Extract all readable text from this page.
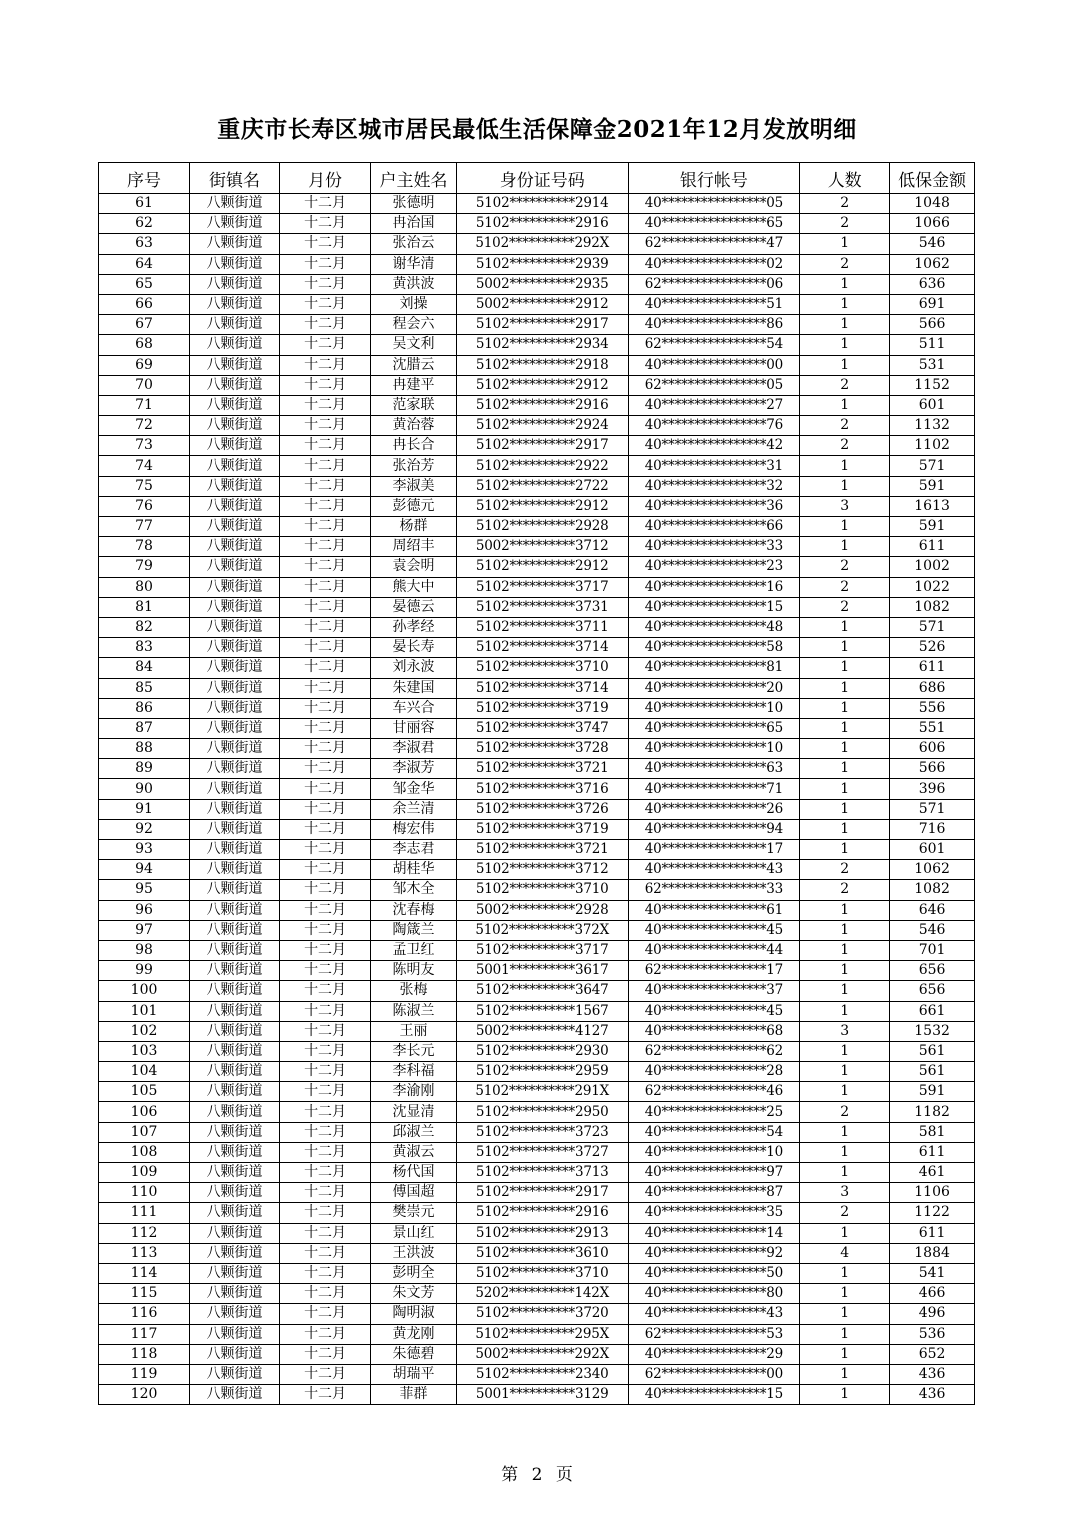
重庆市长寿区城市居民最低生活保障金2021年12月发放明细
序号	街镇名	月份	户主姓名	身份证号码	银行帐号	人数	低保金额
61	八颗街道	十二月	张德明	5102**********2914	40****************05	2	1048
62	八颗街道	十二月	冉治国	5102**********2916	40****************65	2	1066
63	八颗街道	十二月	张治云	5102**********292X	62****************47	1	546
64	八颗街道	十二月	谢华清	5102**********2939	40****************02	2	1062
65	八颗街道	十二月	黄洪波	5002**********2935	62****************06	1	636
66	八颗街道	十二月	刘操	5002**********2912	40****************51	1	691
67	八颗街道	十二月	程会六	5102**********2917	40****************86	1	566
68	八颗街道	十二月	吴文利	5102**********2934	62****************54	1	511
69	八颗街道	十二月	沈腊云	5102**********2918	40****************00	1	531
70	八颗街道	十二月	冉建平	5102**********2912	62****************05	2	1152
71	八颗街道	十二月	范家联	5102**********2916	40****************27	1	601
72	八颗街道	十二月	黄治蓉	5102**********2924	40****************76	2	1132
73	八颗街道	十二月	冉长合	5102**********2917	40****************42	2	1102
74	八颗街道	十二月	张治芳	5102**********2922	40****************31	1	571
75	八颗街道	十二月	李淑美	5102**********2722	40****************32	1	591
76	八颗街道	十二月	彭德元	5102**********2912	40****************36	3	1613
77	八颗街道	十二月	杨群	5102**********2928	40****************66	1	591
78	八颗街道	十二月	周绍丰	5002**********3712	40****************33	1	611
79	八颗街道	十二月	袁会明	5102**********2912	40****************23	2	1002
80	八颗街道	十二月	熊大中	5102**********3717	40****************16	2	1022
81	八颗街道	十二月	晏德云	5102**********3731	40****************15	2	1082
82	八颗街道	十二月	孙孝经	5102**********3711	40****************48	1	571
83	八颗街道	十二月	晏长寿	5102**********3714	40****************58	1	526
84	八颗街道	十二月	刘永波	5102**********3710	40****************81	1	611
85	八颗街道	十二月	朱建国	5102**********3714	40****************20	1	686
86	八颗街道	十二月	车兴合	5102**********3719	40****************10	1	556
87	八颗街道	十二月	甘丽容	5102**********3747	40****************65	1	551
88	八颗街道	十二月	李淑君	5102**********3728	40****************10	1	606
89	八颗街道	十二月	李淑芳	5102**********3721	40****************63	1	566
90	八颗街道	十二月	邹金华	5102**********3716	40****************71	1	396
91	八颗街道	十二月	余兰清	5102**********3726	40****************26	1	571
92	八颗街道	十二月	梅宏伟	5102**********3719	40****************94	1	716
93	八颗街道	十二月	李志君	5102**********3721	40****************17	1	601
94	八颗街道	十二月	胡桂华	5102**********3712	40****************43	2	1062
95	八颗街道	十二月	邹木全	5102**********3710	62****************33	2	1082
96	八颗街道	十二月	沈春梅	5002**********2928	40****************61	1	646
97	八颗街道	十二月	陶箴兰	5102**********372X	40****************45	1	546
98	八颗街道	十二月	孟卫红	5102**********3717	40****************44	1	701
99	八颗街道	十二月	陈明友	5001**********3617	62****************17	1	656
100	八颗街道	十二月	张梅	5102**********3647	40****************37	1	656
101	八颗街道	十二月	陈淑兰	5102**********1567	40****************45	1	661
102	八颗街道	十二月	王丽	5002**********4127	40****************68	3	1532
103	八颗街道	十二月	李长元	5102**********2930	62****************62	1	561
104	八颗街道	十二月	李科福	5102**********2959	40****************28	1	561
105	八颗街道	十二月	李渝刚	5102**********291X	62****************46	1	591
106	八颗街道	十二月	沈显清	5102**********2950	40****************25	2	1182
107	八颗街道	十二月	邱淑兰	5102**********3723	40****************54	1	581
108	八颗街道	十二月	黄淑云	5102**********3727	40****************10	1	611
109	八颗街道	十二月	杨代国	5102**********3713	40****************97	1	461
110	八颗街道	十二月	傅国超	5102**********2917	40****************87	3	1106
111	八颗街道	十二月	樊崇元	5102**********2916	40****************35	2	1122
112	八颗街道	十二月	景山红	5102**********2913	40****************14	1	611
113	八颗街道	十二月	王洪波	5102**********3610	40****************92	4	1884
114	八颗街道	十二月	彭明全	5102**********3710	40****************50	1	541
115	八颗街道	十二月	朱文芳	5202**********142X	40****************80	1	466
116	八颗街道	十二月	陶明淑	5102**********3720	40****************43	1	496
117	八颗街道	十二月	黄龙刚	5102**********295X	62****************53	1	536
118	八颗街道	十二月	朱德碧	5002**********292X	40****************29	1	652
119	八颗街道	十二月	胡瑞平	5102**********2340	62****************00	1	436
120	八颗街道	十二月	菲群	5001**********3129	40****************15	1	436
第 2 页
